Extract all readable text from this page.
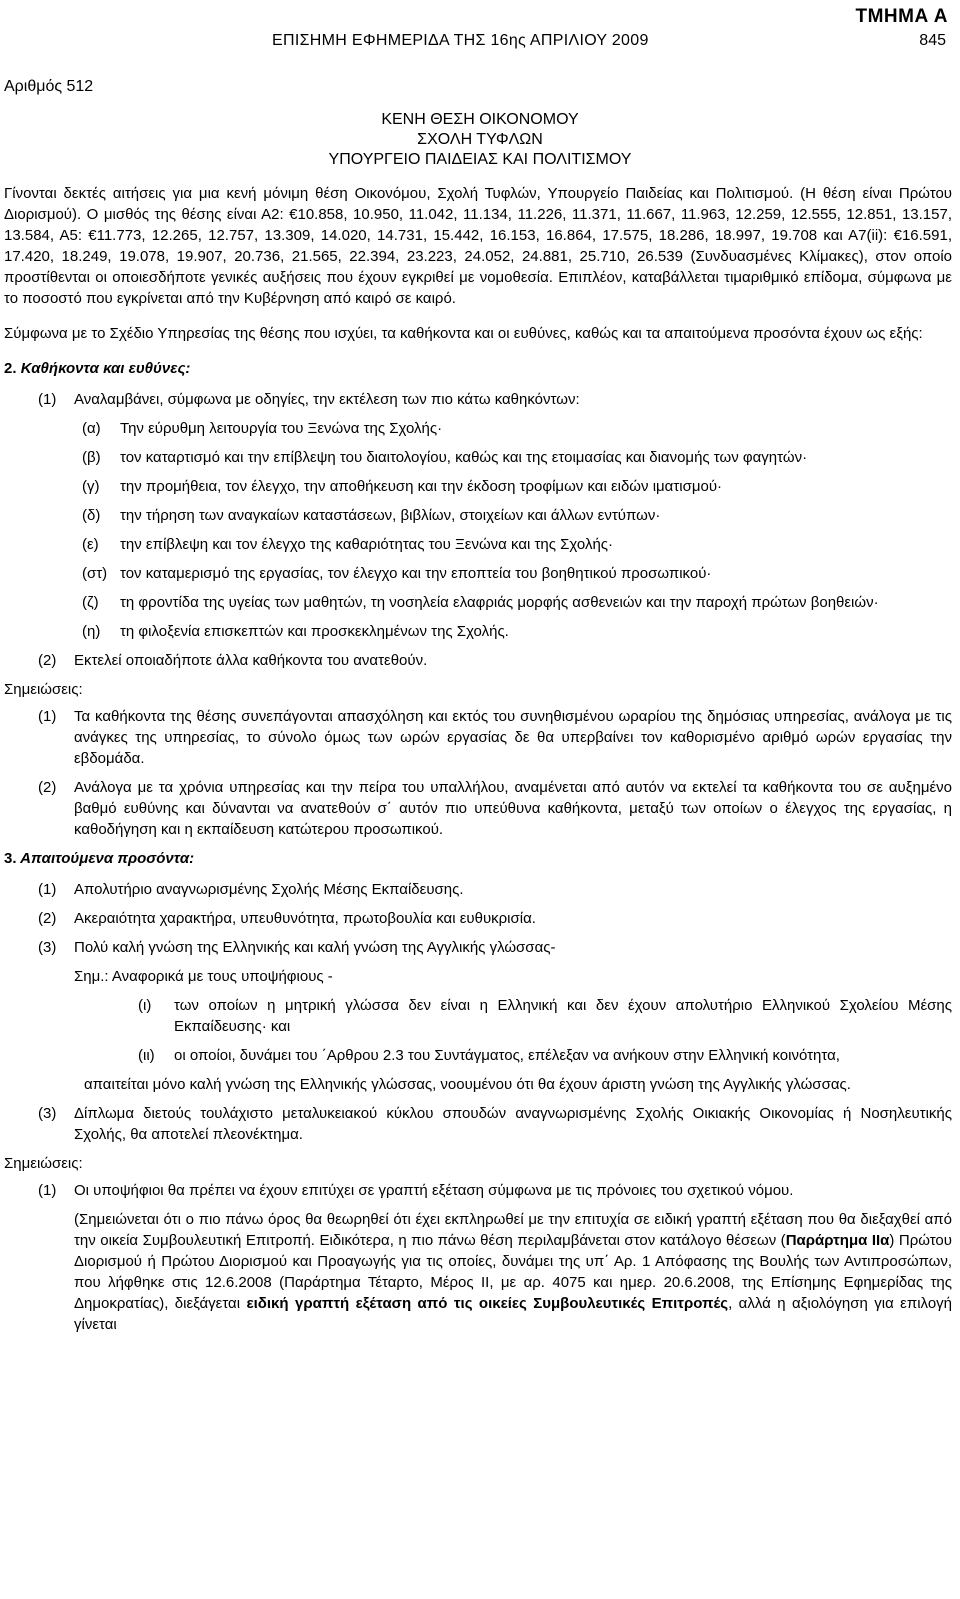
ΤΜΗΜΑ Α
ΕΠΙΣΗΜΗ ΕΦΗΜΕΡΙΔΑ ΤΗΣ 16ης ΑΠΡΙΛΙΟΥ 2009	845
Αριθμός 512
ΚΕΝΗ ΘΕΣΗ ΟΙΚΟΝΟΜΟΥ
ΣΧΟΛΗ ΤΥΦΛΩΝ
ΥΠΟΥΡΓΕΙΟ ΠΑΙΔΕΙΑΣ ΚΑΙ ΠΟΛΙΤΙΣΜΟΥ

Γίνονται δεκτές αιτήσεις για μια κενή μόνιμη θέση Οικονόμου, Σχολή Τυφλών, Υπουργείο Παιδείας και Πολιτισμού. (Η θέση είναι Πρώτου Διορισμού). Ο μισθός της θέσης είναι Α2: €10.858, 10.950, 11.042, 11.134, 11.226, 11.371, 11.667, 11.963, 12.259, 12.555, 12.851, 13.157, 13.584, Α5: €11.773, 12.265, 12.757, 13.309, 14.020, 14.731, 15.442, 16.153, 16.864, 17.575, 18.286, 18.997, 19.708 και Α7(ii): €16.591, 17.420, 18.249, 19.078, 19.907, 20.736, 21.565, 22.394, 23.223, 24.052, 24.881, 25.710, 26.539 (Συνδυασμένες Κλίμακες), στον οποίο προστίθενται οι οποιεσδήποτε γενικές αυξήσεις που έχουν εγκριθεί με νομοθεσία. Επιπλέον, καταβάλλεται τιμαριθμικό επίδομα, σύμφωνα με το ποσοστό που εγκρίνεται από την Κυβέρνηση από καιρό σε καιρό.

Σύμφωνα με το Σχέδιο Υπηρεσίας της θέσης που ισχύει, τα καθήκοντα και οι ευθύνες, καθώς και τα απαιτούμενα προσόντα έχουν ως εξής:

2. Καθήκοντα και ευθύνες:

(1)	Αναλαμβάνει, σύμφωνα με οδηγίες, την εκτέλεση των πιο κάτω καθηκόντων:
(α)	Την εύρυθμη λειτουργία του Ξενώνα της Σχολής·
(β)	τον καταρτισμό και την επίβλεψη του διαιτολογίου, καθώς και της ετοιμασίας και διανομής των φαγητών·
(γ)	την προμήθεια, τον έλεγχο, την αποθήκευση και την έκδοση τροφίμων και ειδών ιματισμού·
(δ)	την τήρηση των αναγκαίων καταστάσεων, βιβλίων, στοιχείων και άλλων εντύπων·
(ε)	την επίβλεψη και τον έλεγχο της καθαριότητας του Ξενώνα και της Σχολής·
(στ) τον καταμερισμό της εργασίας, τον έλεγχο και την εποπτεία του βοηθητικού προσωπικού·
(ζ)	τη φροντίδα της υγείας των μαθητών, τη νοσηλεία ελαφριάς μορφής ασθενειών και την παροχή πρώτων βοηθειών·
(η)	τη φιλοξενία επισκεπτών και προσκεκλημένων της Σχολής.
(2)	Εκτελεί οποιαδήποτε άλλα καθήκοντα του ανατεθούν.

Σημειώσεις:

(1)	Τα καθήκοντα της θέσης συνεπάγονται απασχόληση και εκτός του συνηθισμένου ωραρίου της δημόσιας υπηρεσίας, ανάλογα με τις ανάγκες της υπηρεσίας, το σύνολο όμως των ωρών εργασίας δε θα υπερβαίνει τον καθορισμένο αριθμό ωρών εργασίας την εβδομάδα.
(2)	Ανάλογα με τα χρόνια υπηρεσίας και την πείρα του υπαλλήλου, αναμένεται από αυτόν να εκτελεί τα καθήκοντα του σε αυξημένο βαθμό ευθύνης και δύνανται να ανατεθούν σ΄ αυτόν πιο υπεύθυνα καθήκοντα, μεταξύ των οποίων ο έλεγχος της εργασίας, η καθοδήγηση και η εκπαίδευση κατώτερου προσωπικού.

3. Απαιτούμενα προσόντα:

(1)	Απολυτήριο αναγνωρισμένης Σχολής Μέσης Εκπαίδευσης.
(2)	Ακεραιότητα χαρακτήρα, υπευθυνότητα, πρωτοβουλία και ευθυκρισία.
(3)	Πολύ καλή γνώση της Ελληνικής και καλή γνώση της Αγγλικής γλώσσας-

Σημ.: Αναφορικά με τους υποψήφιους -

(ι)	των οποίων η μητρική γλώσσα δεν είναι η Ελληνική και δεν έχουν απολυτήριο Ελληνικού Σχολείου Μέσης Εκπαίδευσης· και
(ιι)	οι οποίοι, δυνάμει του ΄Αρθρου 2.3 του Συντάγματος, επέλεξαν να ανήκουν στην Ελληνική κοινότητα,

απαιτείται μόνο καλή γνώση της Ελληνικής γλώσσας, νοουμένου ότι θα έχουν άριστη γνώση της Αγγλικής γλώσσας.

(3)	Δίπλωμα διετούς τουλάχιστο μεταλυκειακού κύκλου σπουδών αναγνωρισμένης Σχολής Οικιακής Οικονομίας ή Νοσηλευτικής Σχολής, θα αποτελεί πλεονέκτημα.

Σημειώσεις:

(1)	Οι υποψήφιοι θα πρέπει να έχουν επιτύχει σε γραπτή εξέταση σύμφωνα με τις πρόνοιες του σχετικού νόμου.

(Σημειώνεται ότι ο πιο πάνω όρος θα θεωρηθεί ότι έχει εκπληρωθεί με την επιτυχία σε ειδική γραπτή εξέταση που θα διεξαχθεί από την οικεία Συμβουλευτική Επιτροπή. Ειδικότερα, η πιο πάνω θέση περιλαμβάνεται στον κατάλογο θέσεων (Παράρτημα IIα) Πρώτου Διορισμού ή Πρώτου Διορισμού και Προαγωγής για τις οποίες, δυνάμει της υπ΄ Αρ. 1 Απόφασης της Βουλής των Αντιπροσώπων, που λήφθηκε στις 12.6.2008 (Παράρτημα Τέταρτο, Μέρος II, με αρ. 4075 και ημερ. 20.6.2008, της Επίσημης Εφημερίδας της Δημοκρατίας), διεξάγεται ειδική γραπτή εξέταση από τις οικείες Συμβουλευτικές Επιτροπές, αλλά η αξιολόγηση για επιλογή γίνεται
